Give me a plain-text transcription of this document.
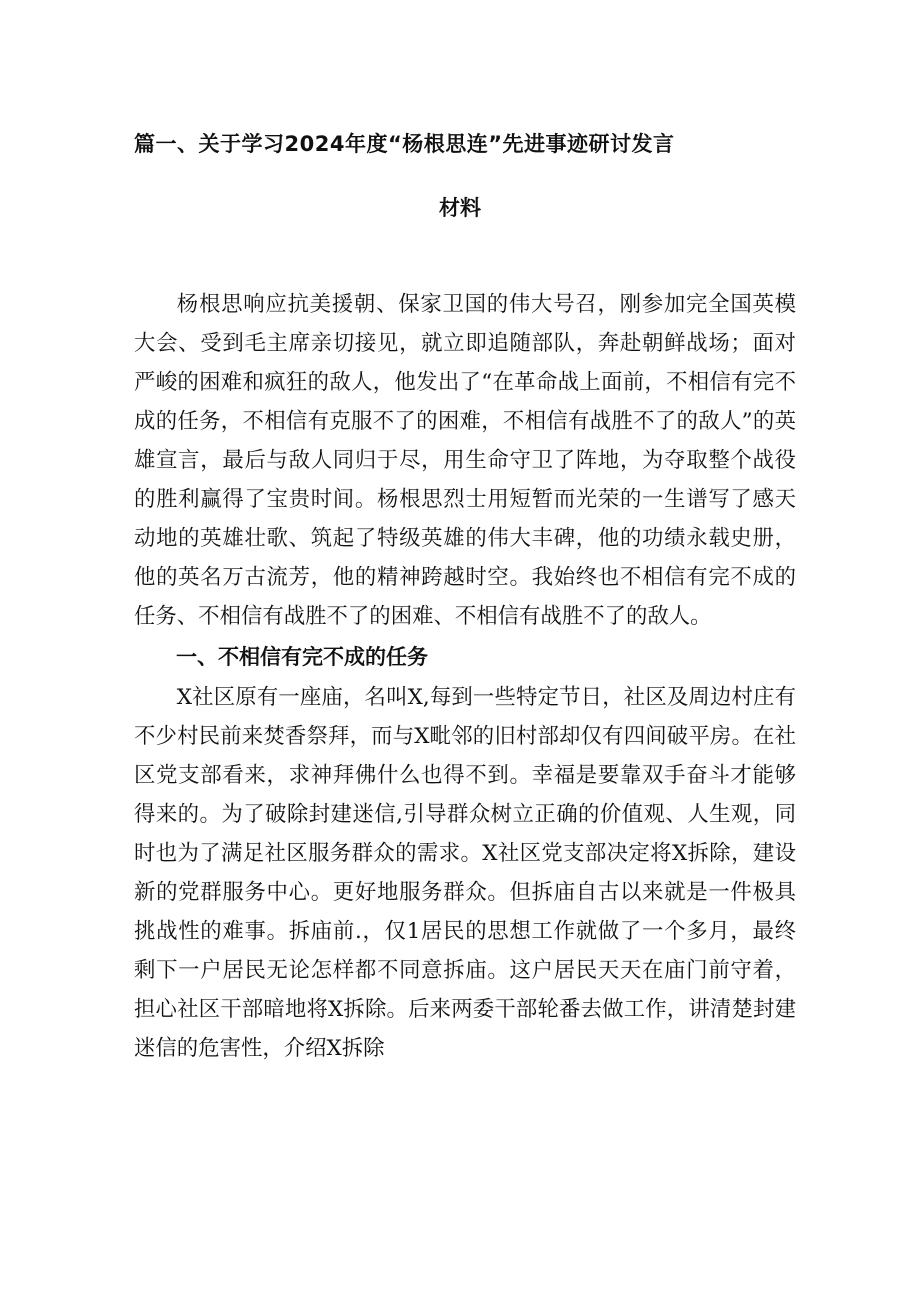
篇一、关于学习2024年度“杨根思连”先进事迹研讨发言
材料

杨根思响应抗美援朝、保家卫国的伟大号召，刚参加完全国英模大会、受到毛主席亲切接见，就立即追随部队，奔赴朝鲜战场；面对严峻的困难和疯狂的敌人，他发出了“在革命战上面前，不相信有完不成的任务，不相信有克服不了的困难，不相信有战胜不了的敌人”的英雄宣言，最后与敌人同归于尽，用生命守卫了阵地，为夺取整个战役的胜利赢得了宝贵时间。杨根思烈士用短暂而光荣的一生谱写了感天动地的英雄壮歌、筑起了特级英雄的伟大丰碑，他的功绩永载史册，他的英名万古流芳，他的精神跨越时空。我始终也不相信有完不成的任务、不相信有战胜不了的困难、不相信有战胜不了的敌人。

一、不相信有完不成的任务

X社区原有一座庙，名叫X,每到一些特定节日，社区及周边村庄有不少村民前来焚香祭拜，而与X毗邻的旧村部却仅有四间破平房。在社区党支部看来，求神拜佛什么也得不到。幸福是要靠双手奋斗才能够得来的。为了破除封建迷信,引导群众树立正确的价值观、人生观，同时也为了满足社区服务群众的需求。X社区党支部决定将X拆除，建设新的党群服务中心。更好地服务群众。但拆庙自古以来就是一件极具挑战性的难事。拆庙前.，仅1居民的思想工作就做了一个多月，最终剩下一户居民无论怎样都不同意拆庙。这户居民天天在庙门前守着，担心社区干部暗地将X拆除。后来两委干部轮番去做工作，讲清楚封建迷信的危害性，介绍X拆除
